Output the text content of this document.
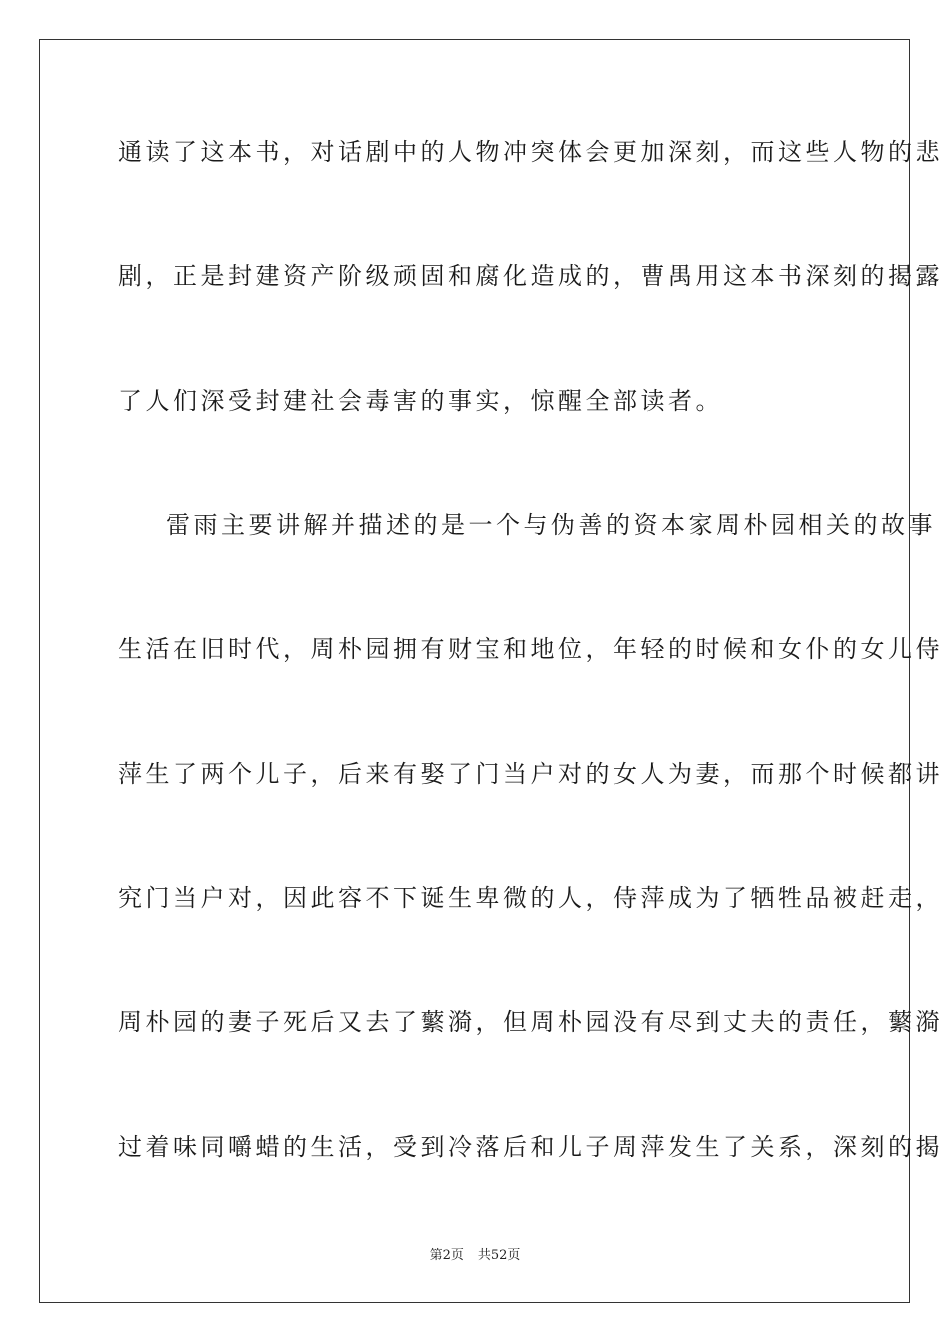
通读了这本书，对话剧中的人物冲突体会更加深刻，而这些人物的悲
剧，正是封建资产阶级顽固和腐化造成的，曹禺用这本书深刻的揭露
了人们深受封建社会毒害的事实，惊醒全部读者。
雷雨主要讲解并描述的是一个与伪善的资本家周朴园相关的故事
生活在旧时代，周朴园拥有财宝和地位，年轻的时候和女仆的女儿侍
萍生了两个儿子，后来有娶了门当户对的女人为妻，而那个时候都讲
究门当户对，因此容不下诞生卑微的人，侍萍成为了牺牲品被赶走，
周朴园的妻子死后又去了蘩漪，但周朴园没有尽到丈夫的责任，蘩漪
过着味同嚼蜡的生活，受到冷落后和儿子周萍发生了关系，深刻的揭
第2页 共52页
